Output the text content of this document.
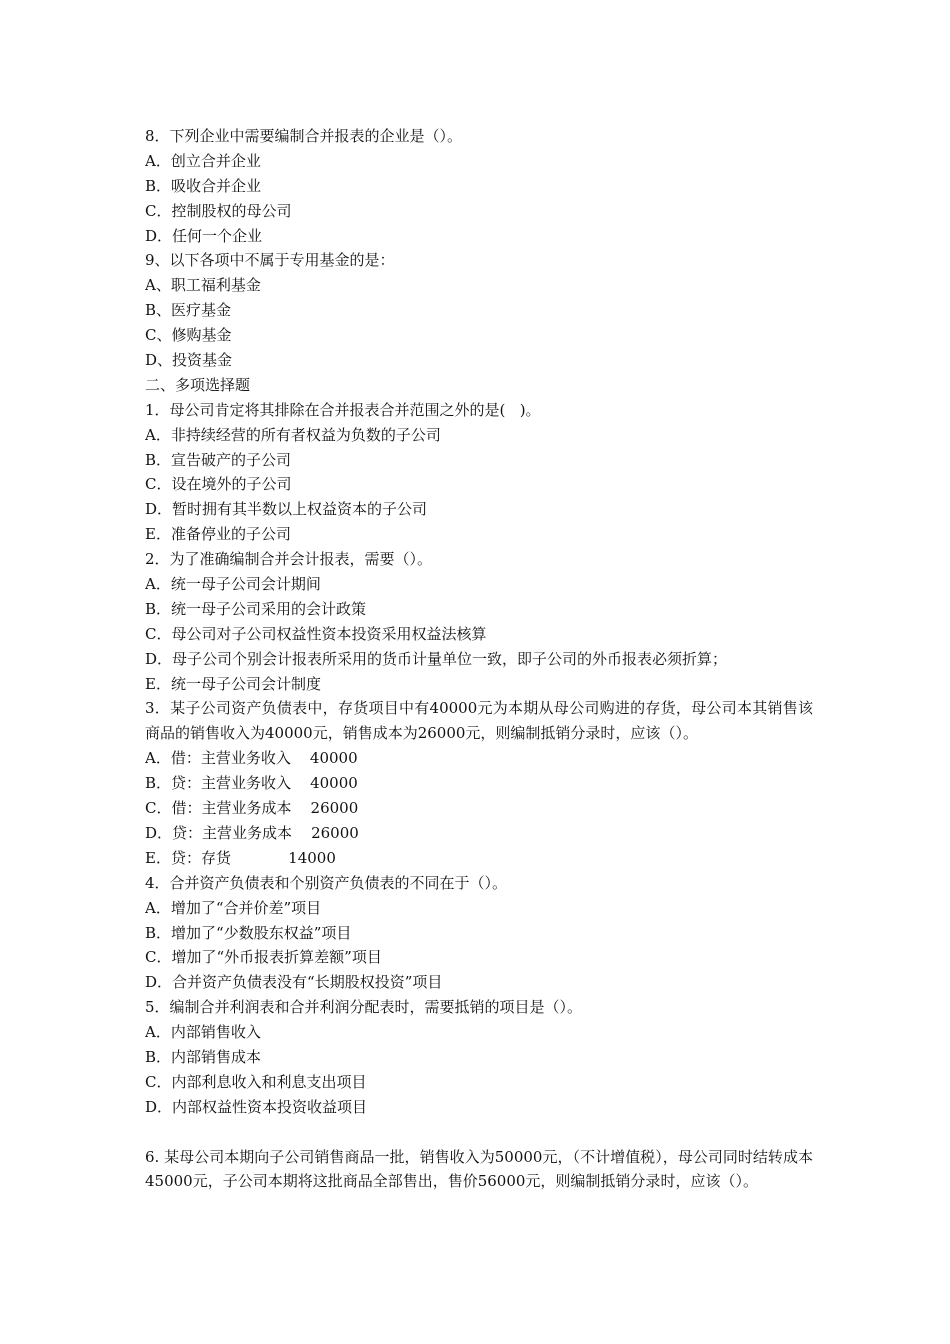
8．下列企业中需要编制合并报表的企业是（）。
A．创立合并企业
B．吸收合并企业
C．控制股权的母公司
D．任何一个企业
9、以下各项中不属于专用基金的是：
A、职工福利基金
B、医疗基金
C、修购基金
D、投资基金
二、多项选择题
1．母公司肯定将其排除在合并报表合并范围之外的是(   )。
A．非持续经营的所有者权益为负数的子公司
B．宣告破产的子公司
C．设在境外的子公司
D．暂时拥有其半数以上权益资本的子公司
E．准备停业的子公司
2．为了准确编制合并会计报表，需要（）。
A．统一母子公司会计期间
B．统一母子公司采用的会计政策
C．母公司对子公司权益性资本投资采用权益法核算
D．母子公司个别会计报表所采用的货币计量单位一致，即子公司的外币报表必须折算；
E．统一母子公司会计制度
3．某子公司资产负债表中，存货项目中有40000元为本期从母公司购进的存货，母公司本其销售该商品的销售收入为40000元，销售成本为26000元，则编制抵销分录时，应该（）。
A．借：主营业务收入    40000
B．贷：主营业务收入    40000
C．借：主营业务成本    26000
D．贷：主营业务成本    26000
E．贷：存货            14000
4．合并资产负债表和个别资产负债表的不同在于（）。
A．增加了“合并价差”项目
B．增加了“少数股东权益”项目
C．增加了“外币报表折算差额”项目
D．合并资产负债表没有“长期股权投资”项目
5．编制合并利润表和合并利润分配表时，需要抵销的项目是（）。
A．内部销售收入
B．内部销售成本
C．内部利息收入和利息支出项目
D．内部权益性资本投资收益项目
6. 某母公司本期向子公司销售商品一批，销售收入为50000元，（不计增值税），母公司同时结转成本45000元，子公司本期将这批商品全部售出，售价56000元，则编制抵销分录时，应该（）。
